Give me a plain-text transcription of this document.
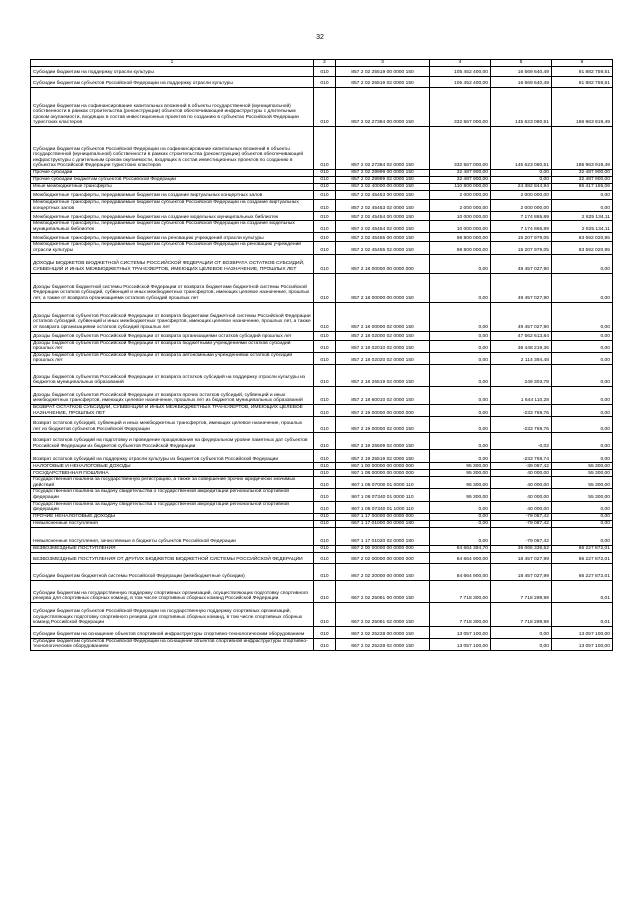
32
1	2	3	4	5	6
Субсидии бюджетам на поддержку отрасли культуры	010	857 2 02 25519 00 0000 150	105 452 400,00	16 569 640,49	91 882 759,51
Субсидии бюджетам субъектов Российской Федерации на поддержку отрасли культуры	010	857 2 02 25519 02 0000 150	105 452 400,00	16 569 640,49	91 882 759,51
Субсидии бюджетам на софинансирование капитальных вложений в объекты государственной (муниципальной) собственности в рамках строительства (реконструкции) объектов обеспечивающей инфраструктуры с длительным сроком окупаемости, входящих в состав инвестиционных проектов по созданию в субъектах Российской Федерации туристских кластеров	010	857 2 02 27384 00 0000 150	332 567 000,00	145 623 080,51	186 963 919,49
Субсидии бюджетам субъектов Российской Федерации на софинансирование капитальных вложений в объекты государственной (муниципальной) собственности в рамках строительства (реконструкции) объектов обеспечивающей инфраструктуры с длительным сроком окупаемости, входящих в состав инвестиционных проектов по созданию в субъектах Российской Федерации туристских кластеров	010	857 2 02 27384 02 0000 150	332 567 000,00	145 623 080,51	186 963 919,49
Прочие субсидии	010	857 2 02 29999 00 0000 150	32 487 900,00	0,00	32 487 900,00
Прочие субсидии бюджетам субъектов Российской Федерации	010	857 2 02 29999 02 0000 150	32 487 900,00	0,00	32 487 900,00
Иные межбюджетные трансферты	010	857 2 02 40000 00 0000 150	110 800 000,00	24 382 844,94	86 417 155,06
Межбюджетные трансферты, передаваемые бюджетам на создание виртуальных концертных залов	010	857 2 02 45453 00 0000 150	2 000 000,00	2 000 000,00	0,00
Межбюджетные трансферты, передаваемые бюджетам субъектов Российской Федерации на создание виртуальных концертных залов	010	857 2 02 45453 02 0000 150	2 000 000,00	2 000 000,00	0,00
Межбюджетные трансферты, передаваемые бюджетам на создание модельных муниципальных библиотек	010	857 2 02 45454 00 0000 150	10 000 000,00	7 174 865,89	2 825 134,11
Межбюджетные трансферты, передаваемые бюджетам субъектов Российской Федерации на создание модельных муниципальных библиотек	010	857 2 02 45454 02 0000 150	10 000 000,00	7 174 865,89	2 825 134,11
Межбюджетные трансферты, передаваемые бюджетам на реновацию учреждений отрасли культуры	010	857 2 02 45455 00 0000 150	98 800 000,00	15 207 979,05	83 592 020,95
Межбюджетные трансферты, передаваемые бюджетам субъектов Российской Федерации на реновацию учреждений отрасли культуры	010	857 2 02 45455 02 0000 150	98 800 000,00	15 207 979,05	83 592 020,95
ДОХОДЫ БЮДЖЕТОВ БЮДЖЕТНОЙ СИСТЕМЫ РОССИЙСКОЙ ФЕДЕРАЦИИ ОТ ВОЗВРАТА ОСТАТКОВ СУБСИДИЙ, СУБВЕНЦИЙ И ИНЫХ МЕЖБЮДЖЕТНЫХ ТРАНСФЕРТОВ, ИМЕЮЩИХ ЦЕЛЕВОЕ НАЗНАЧЕНИЕ, ПРОШЛЫХ ЛЕТ	010	857 2 18 00000 00 0000 000	0,00	49 457 027,90	0,00
Доходы бюджетов бюджетной системы Российской Федерации от возврата бюджетами бюджетной системы Российской Федерации остатков субсидий, субвенций и иных межбюджетных трансфертов, имеющих целевое назначение, прошлых лет, а также от возврата организациями остатков субсидий прошлых лет	010	857 2 18 00000 00 0000 150	0,00	49 457 027,90	0,00
Доходы бюджетов субъектов Российской Федерации от возврата бюджетами бюджетной системы Российской Федерации остатков субсидий, субвенций и иных межбюджетных трансфертов, имеющих целевое назначение, прошлых лет, а также от возврата организациями остатков субсидий прошлых лет	010	857 2 18 00000 02 0000 150	0,00	49 457 027,90	0,00
Доходы бюджетов субъектов Российской Федерации от возврата организациями остатков субсидий прошлых лет	010	857 2 18 02000 02 0000 150	0,00	47 562 613,84	0,00
Доходы бюджетов субъектов Российской Федерации от возврата бюджетными учреждениями остатков субсидий прошлых лет	010	857 2 18 02010 02 0000 150	0,00	36 448 219,36	0,00
Доходы бюджетов субъектов Российской Федерации от возврата автономными учреждениями остатков субсидий прошлых лет	010	857 2 18 02020 02 0000 150	0,00	2 114 394,48	0,00
Доходы бюджетов субъектов Российской Федерации от возврата остатков субсидий на поддержку отрасли культуры из бюджетов муниципальных образований	010	857 2 18 25519 02 0000 150	0,00	249 303,78	0,00
Доходы бюджетов субъектов Российской Федерации от возврата прочих остатков субсидий, субвенций и иных межбюджетных трансфертов, имеющих целевое назначение, прошлых лет из бюджетов муниципальных образований	010	857 2 18 60010 02 0000 150	0,00	1 644 110,28	0,00
ВОЗВРАТ ОСТАТКОВ СУБСИДИЙ, СУБВЕНЦИЙ И ИНЫХ МЕЖБЮДЖЕТНЫХ ТРАНСФЕРТОВ, ИМЕЮЩИХ ЦЕЛЕВОЕ НАЗНАЧЕНИЕ, ПРОШЛЫХ ЛЕТ	010	857 2 19 00000 00 0000 000	0,00	-233 769,76	0,00
Возврат остатков субсидий, субвенций и иных межбюджетных трансфертов, имеющих целевое назначение, прошлых лет из бюджетов субъектов Российской Федерации	010	857 2 19 00000 02 0000 150	0,00	-233 769,76	0,00
Возврат остатков субсидий на подготовку и проведение празднования на федеральном уровне памятных дат субъектов Российской Федерации из бюджетов субъектов Российской Федерации	010	857 2 19 25509 02 0000 150	0,00	-0,02	0,00
Возврат остатков субсидий на поддержку отрасли культуры из бюджетов субъектов Российской Федерации	010	857 2 19 25519 02 0000 150	0,00	-233 769,74	0,00
НАЛОГОВЫЕ И НЕНАЛОГОВЫЕ ДОХОДЫ	010	867 1 00 00000 00 0000 000	95 300,00	-39 087,42	55 300,00
ГОСУДАРСТВЕННАЯ ПОШЛИНА	010	867 1 08 00000 00 0000 000	95 300,00	40 000,00	55 300,00
Государственная пошлина за государственную регистрацию, а также за совершение прочих юридически значимых действий	010	867 1 08 07000 01 0000 110	95 300,00	40 000,00	55 300,00
Государственная пошлина за выдачу свидетельства о государственной аккредитации региональной спортивной федерации	010	867 1 08 07340 01 0000 110	95 300,00	40 000,00	55 300,00
Государственная пошлина за выдачу свидетельства о государственной аккредитации региональной спортивной федерации	010	867 1 08 07340 01 1000 110	0,00	40 000,00	0,00
ПРОЧИЕ НЕНАЛОГОВЫЕ ДОХОДЫ	010	867 1 17 00000 00 0000 000	0,00	-79 087,42	0,00
Невыясненные поступления	010	867 1 17 01000 00 0000 180	0,00	-79 087,42	0,00
Невыясненные поступления, зачисляемые в бюджеты субъектов Российской Федерации	010	867 1 17 01020 02 0000 180	0,00	-79 087,42	0,00
БЕЗВОЗМЕЗДНЫЕ ПОСТУПЛЕНИЯ	010	867 2 00 00000 00 0000 000	84 664 394,70	36 065 336,52	66 227 872,01
БЕЗВОЗМЕЗДНЫЕ ПОСТУПЛЕНИЯ ОТ ДРУГИХ БЮДЖЕТОВ БЮДЖЕТНОЙ СИСТЕМЫ РОССИЙСКОЙ ФЕДЕРАЦИИ	010	867 2 02 00000 00 0000 000	84 664 900,00	18 457 027,99	66 227 872,01
Субсидии бюджетам бюджетной системы Российской Федерации (межбюджетные субсидии)	010	867 2 02 20000 00 0000 150	84 664 900,00	18 457 027,99	66 227 872,01
Субсидии бюджетам на государственную поддержку спортивных организаций, осуществляющих подготовку спортивного резерва для спортивных сборных команд, в том числе спортивных сборных команд Российской Федерации	010	867 2 02 25081 00 0000 150	7 718 300,00	7 718 299,99	0,01
Субсидии бюджетам субъектов Российской Федерации на государственную поддержку спортивных организаций, осуществляющих подготовку спортивного резерва для спортивных сборных команд, в том числе спортивных сборных команд Российской Федерации	010	867 2 02 25081 02 0000 150	7 718 300,00	7 718 299,99	0,01
Субсидии бюджетам на оснащение объектов спортивной инфраструктуры спортивно-технологическим оборудованием	010	867 2 02 25228 00 0000 150	13 057 100,00	0,00	13 057 100,00
Субсидии бюджетам субъектов Российской Федерации на оснащение объектов спортивной инфраструктуры спортивно-технологическим оборудованием	010	867 2 02 25228 02 0000 150	13 057 100,00	0,00	13 057 100,00
